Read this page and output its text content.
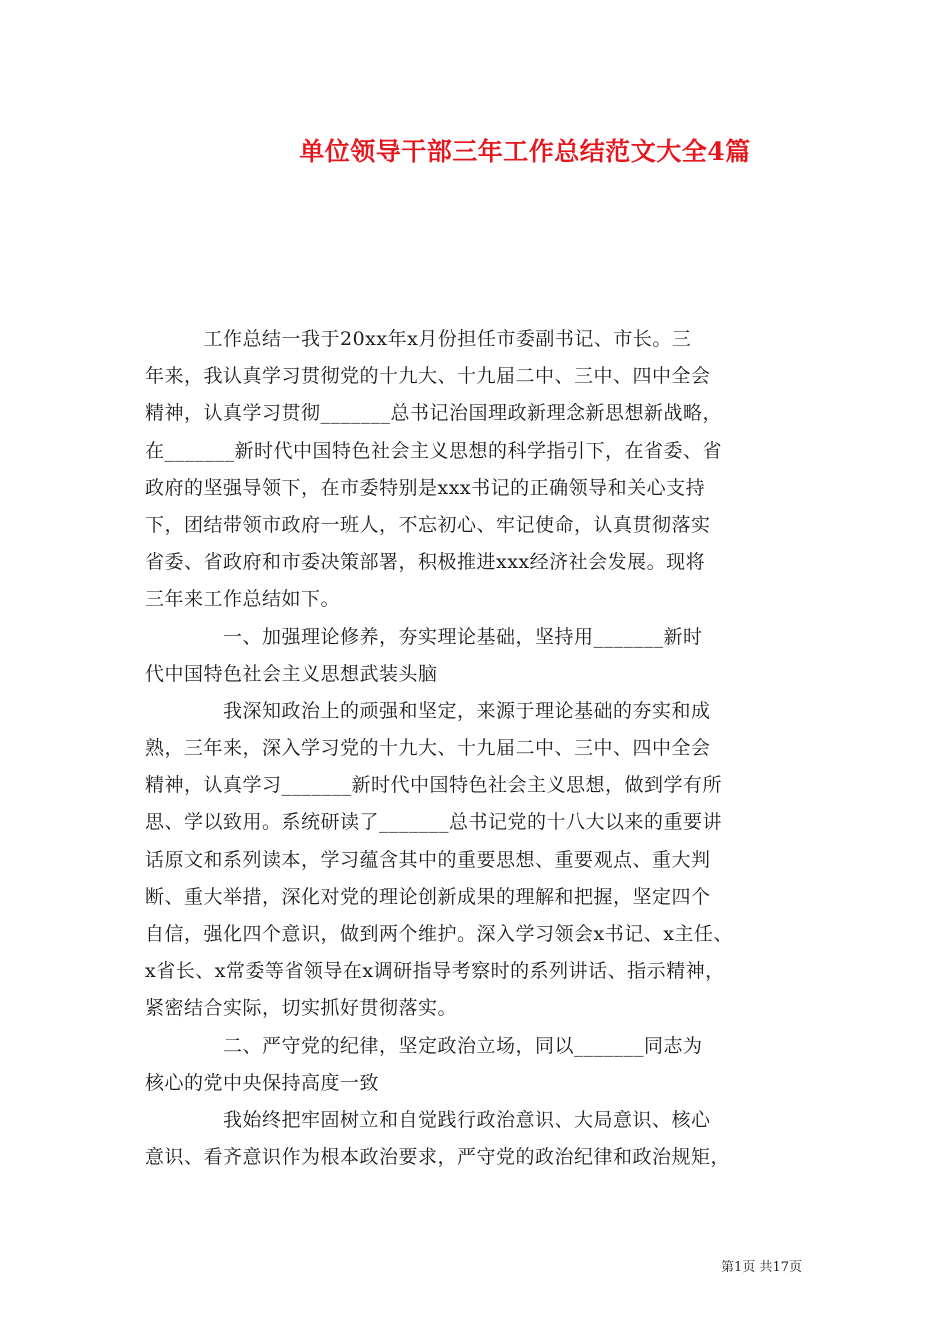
单位领导干部三年工作总结范文大全4篇
　　　工作总结一我于20xx年x月份担任市委副书记、市长。三
年来，我认真学习贯彻党的十九大、十九届二中、三中、四中全会
精神，认真学习贯彻_______总书记治国理政新理念新思想新战略，
在_______新时代中国特色社会主义思想的科学指引下，在省委、省
政府的坚强导领下，在市委特别是xxx书记的正确领导和关心支持
下，团结带领市政府一班人，不忘初心、牢记使命，认真贯彻落实
省委、省政府和市委决策部署，积极推进xxx经济社会发展。现将
三年来工作总结如下。
　　　　一、加强理论修养，夯实理论基础，坚持用_______新时
代中国特色社会主义思想武装头脑
　　　　我深知政治上的顽强和坚定，来源于理论基础的夯实和成
熟，三年来，深入学习党的十九大、十九届二中、三中、四中全会
精神，认真学习_______新时代中国特色社会主义思想，做到学有所
思、学以致用。系统研读了_______总书记党的十八大以来的重要讲
话原文和系列读本，学习蕴含其中的重要思想、重要观点、重大判
断、重大举措，深化对党的理论创新成果的理解和把握，坚定四个
自信，强化四个意识，做到两个维护。深入学习领会x书记、x主任、
x省长、x常委等省领导在x调研指导考察时的系列讲话、指示精神，
紧密结合实际，切实抓好贯彻落实。
　　　　二、严守党的纪律，坚定政治立场，同以_______同志为
核心的党中央保持高度一致
　　　　我始终把牢固树立和自觉践行政治意识、大局意识、核心
意识、看齐意识作为根本政治要求，严守党的政治纪律和政治规矩，
第1页 共17页
